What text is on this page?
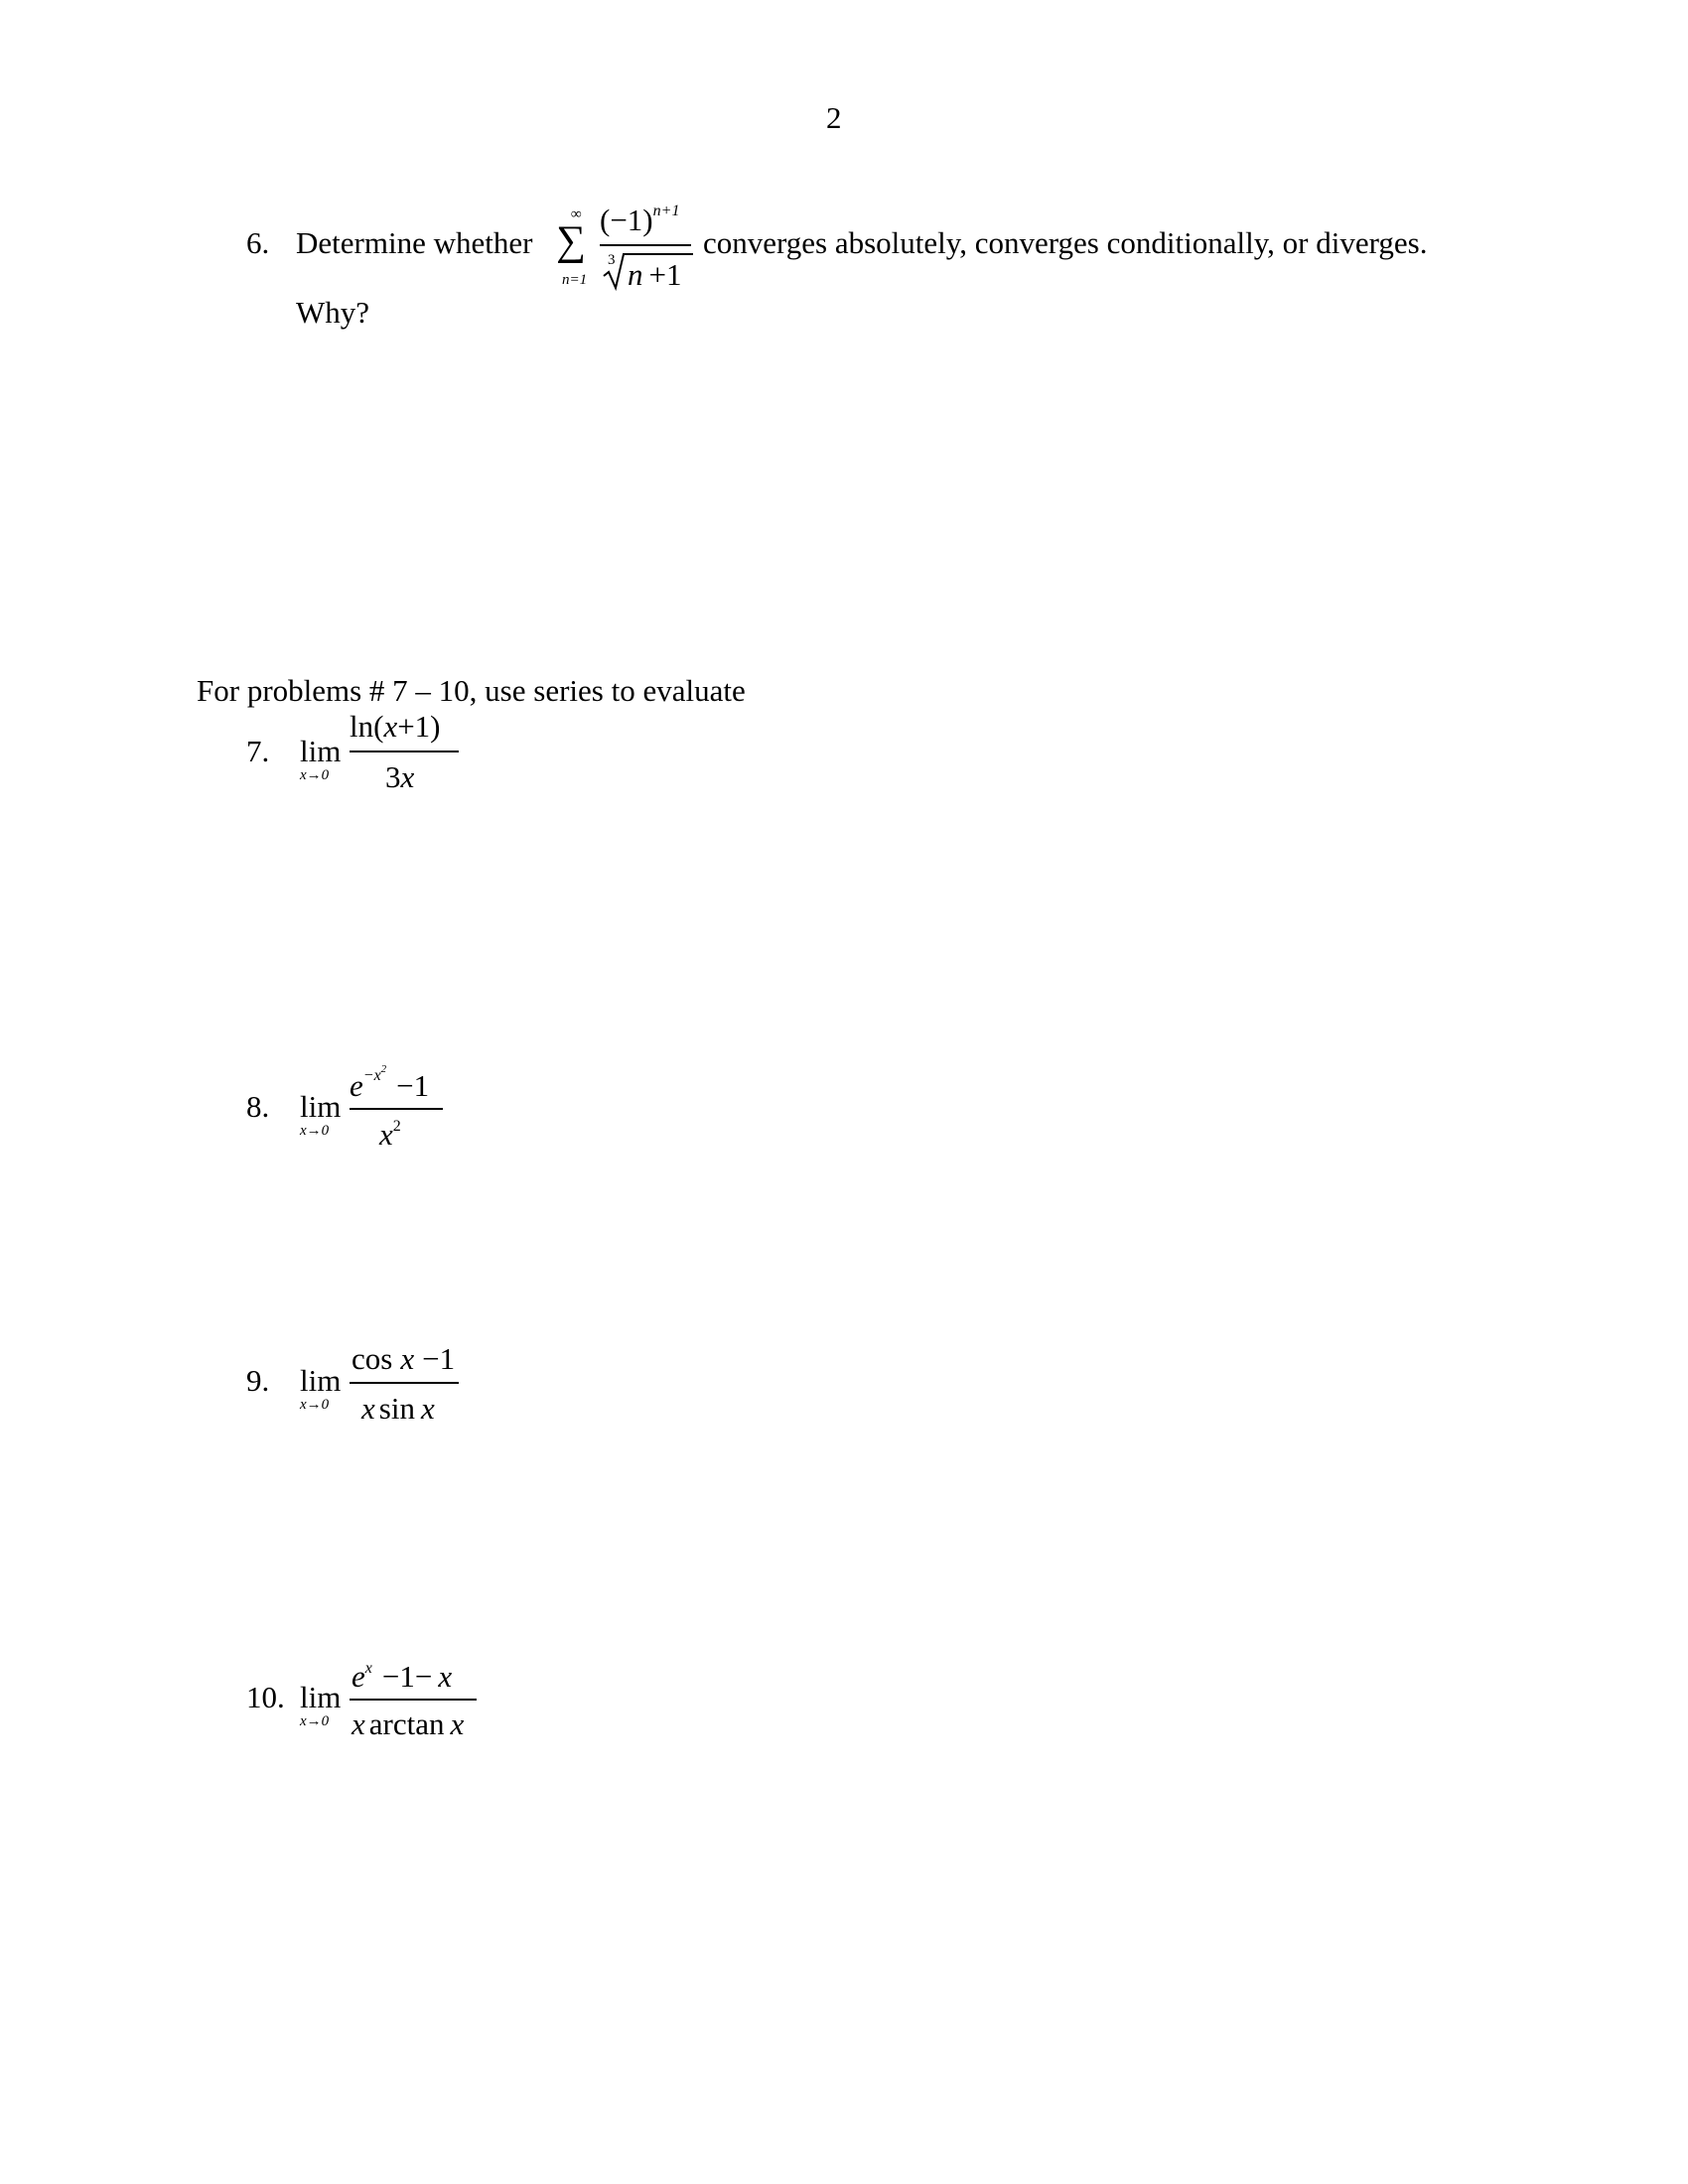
2
6. Determine whether
∞
∑
n=1
$(-1)^{n+1}$
3 n +1
converges absolutely, converges conditionally, or diverges.
Why?
For problems # 7 – 10, use series to evaluate
7. lim
x→0
ln(x+1)
3x
8. lim
x→0
$e^{-x2} -1$
$x^2$
9. lim
x→0
cos x −1
x sin x
10. lim
x→0
$e^x -1- x$
x arctan x
